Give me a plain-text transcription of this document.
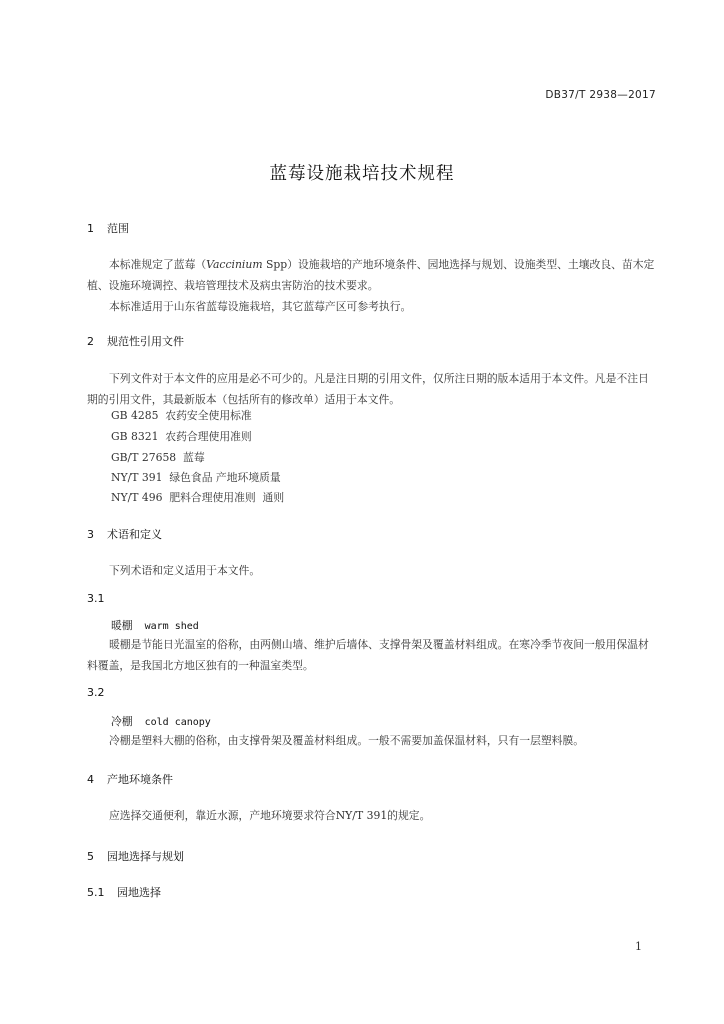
DB37/T 2938—2017
蓝莓设施栽培技术规程
1 范围
本标准规定了蓝莓（Vaccinium Spp）设施栽培的产地环境条件、园地选择与规划、设施类型、土壤改良、苗木定植、设施环境调控、栽培管理技术及病虫害防治的技术要求。
本标准适用于山东省蓝莓设施栽培，其它蓝莓产区可参考执行。
2 规范性引用文件
下列文件对于本文件的应用是必不可少的。凡是注日期的引用文件，仅所注日期的版本适用于本文件。凡是不注日期的引用文件，其最新版本（包括所有的修改单）适用于本文件。
GB 4285  农药安全使用标准
GB 8321  农药合理使用准则
GB/T 27658  蓝莓
NY/T 391  绿色食品 产地环境质量
NY/T 496  肥料合理使用准则  通则
3 术语和定义
下列术语和定义适用于本文件。
3.1
暖棚 warm shed
暖棚是节能日光温室的俗称，由两侧山墙、维护后墙体、支撑骨架及覆盖材料组成。在寒冷季节夜间一般用保温材料覆盖，是我国北方地区独有的一种温室类型。
3.2
冷棚 cold canopy
冷棚是塑料大棚的俗称，由支撑骨架及覆盖材料组成。一般不需要加盖保温材料，只有一层塑料膜。
4 产地环境条件
应选择交通便利，靠近水源，产地环境要求符合NY/T 391的规定。
5 园地选择与规划
5.1 园地选择
1
